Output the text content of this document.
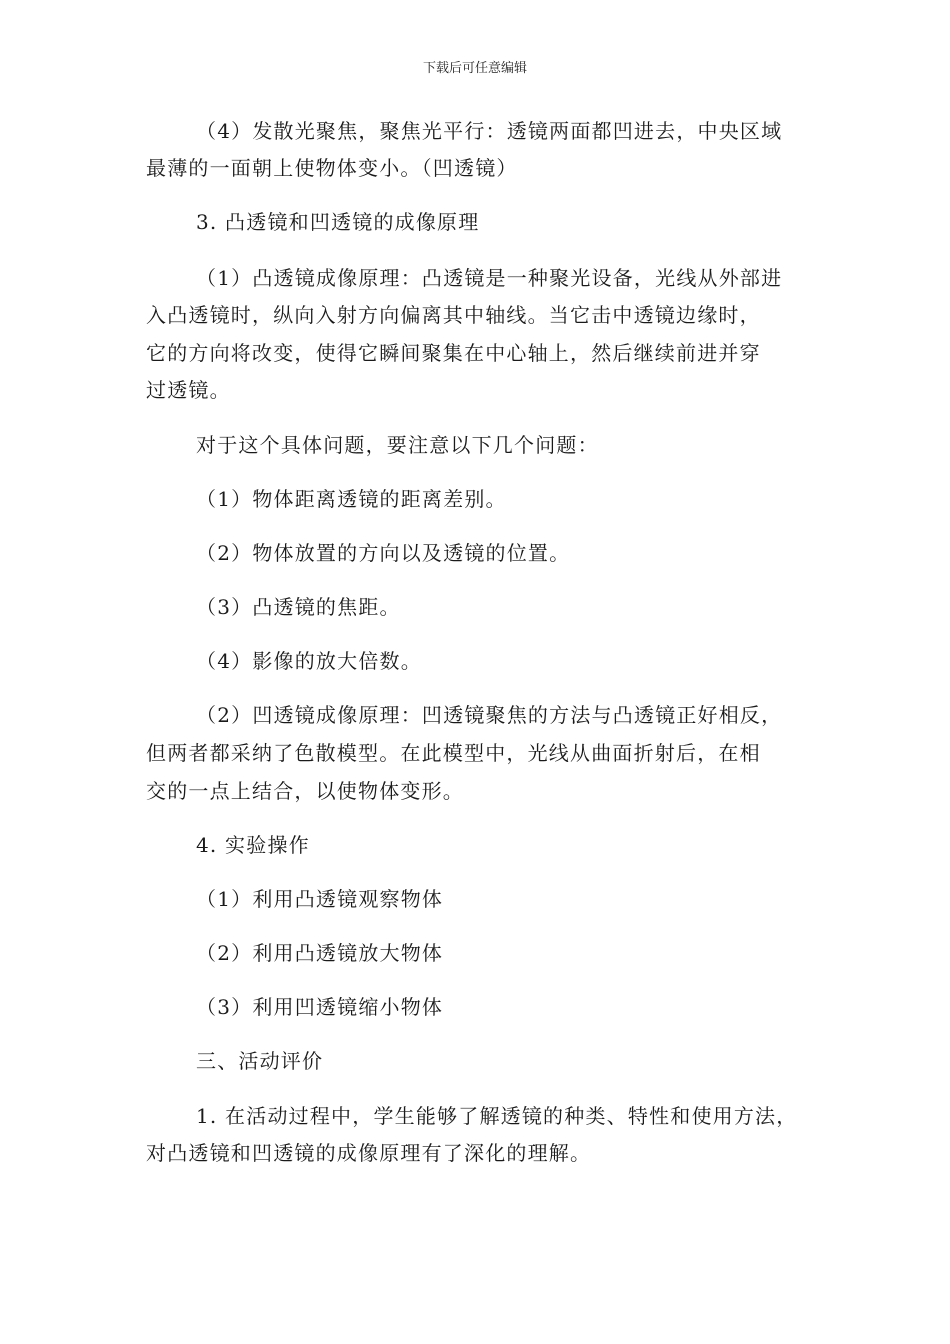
下载后可任意编辑
（4）发散光聚焦，聚焦光平行：透镜两面都凹进去，中央区域
最薄的一面朝上使物体变小。（凹透镜）
3. 凸透镜和凹透镜的成像原理
（1）凸透镜成像原理：凸透镜是一种聚光设备，光线从外部进
入凸透镜时，纵向入射方向偏离其中轴线。当它击中透镜边缘时，
它的方向将改变，使得它瞬间聚集在中心轴上，然后继续前进并穿
过透镜。
对于这个具体问题，要注意以下几个问题：
（1）物体距离透镜的距离差别。
（2）物体放置的方向以及透镜的位置。
（3）凸透镜的焦距。
（4）影像的放大倍数。
（2）凹透镜成像原理：凹透镜聚焦的方法与凸透镜正好相反，
但两者都采纳了色散模型。在此模型中，光线从曲面折射后，在相
交的一点上结合，以使物体变形。
4. 实验操作
（1）利用凸透镜观察物体
（2）利用凸透镜放大物体
（3）利用凹透镜缩小物体
三、活动评价
1. 在活动过程中，学生能够了解透镜的种类、特性和使用方法，
对凸透镜和凹透镜的成像原理有了深化的理解。
